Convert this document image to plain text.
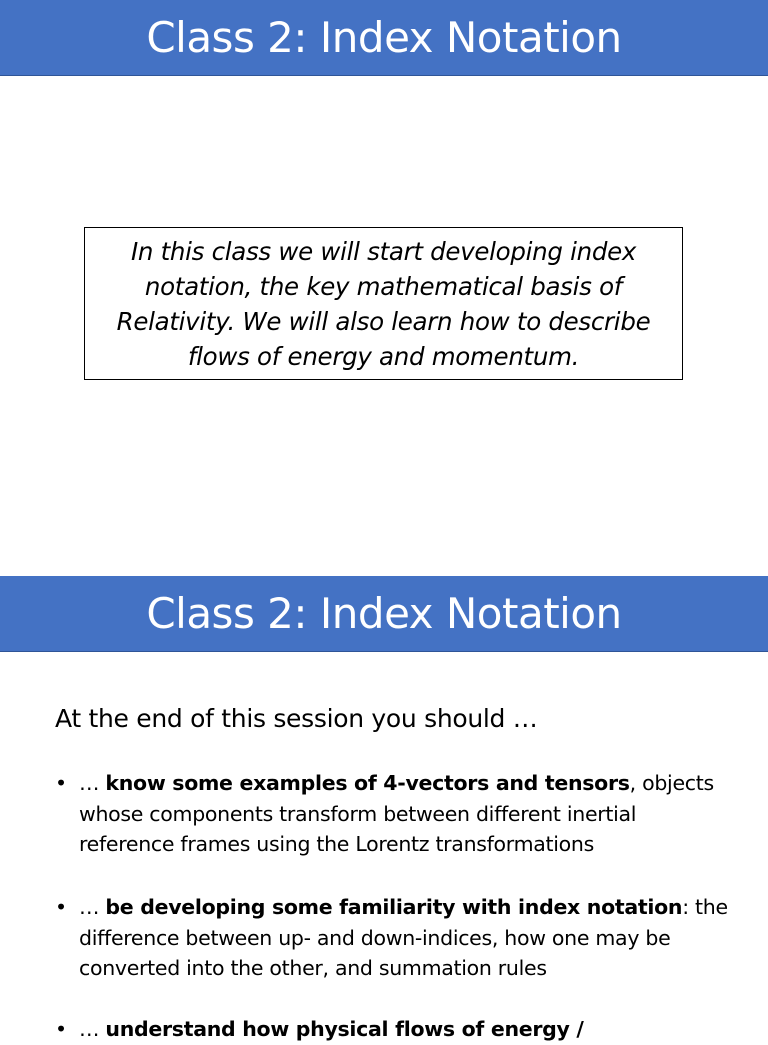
Class 2: Index Notation
In this class we will start developing index
notation, the key mathematical basis of
Relativity. We will also learn how to describe
flows of energy and momentum.
Class 2: Index Notation
At the end of this session you should …
• … know some examples of 4-vectors and tensors, objects
whose components transform between different inertial
reference frames using the Lorentz transformations
• … be developing some familiarity with index notation: the
difference between up- and down-indices, how one may be
converted into the other, and summation rules
• … understand how physical flows of energy /
